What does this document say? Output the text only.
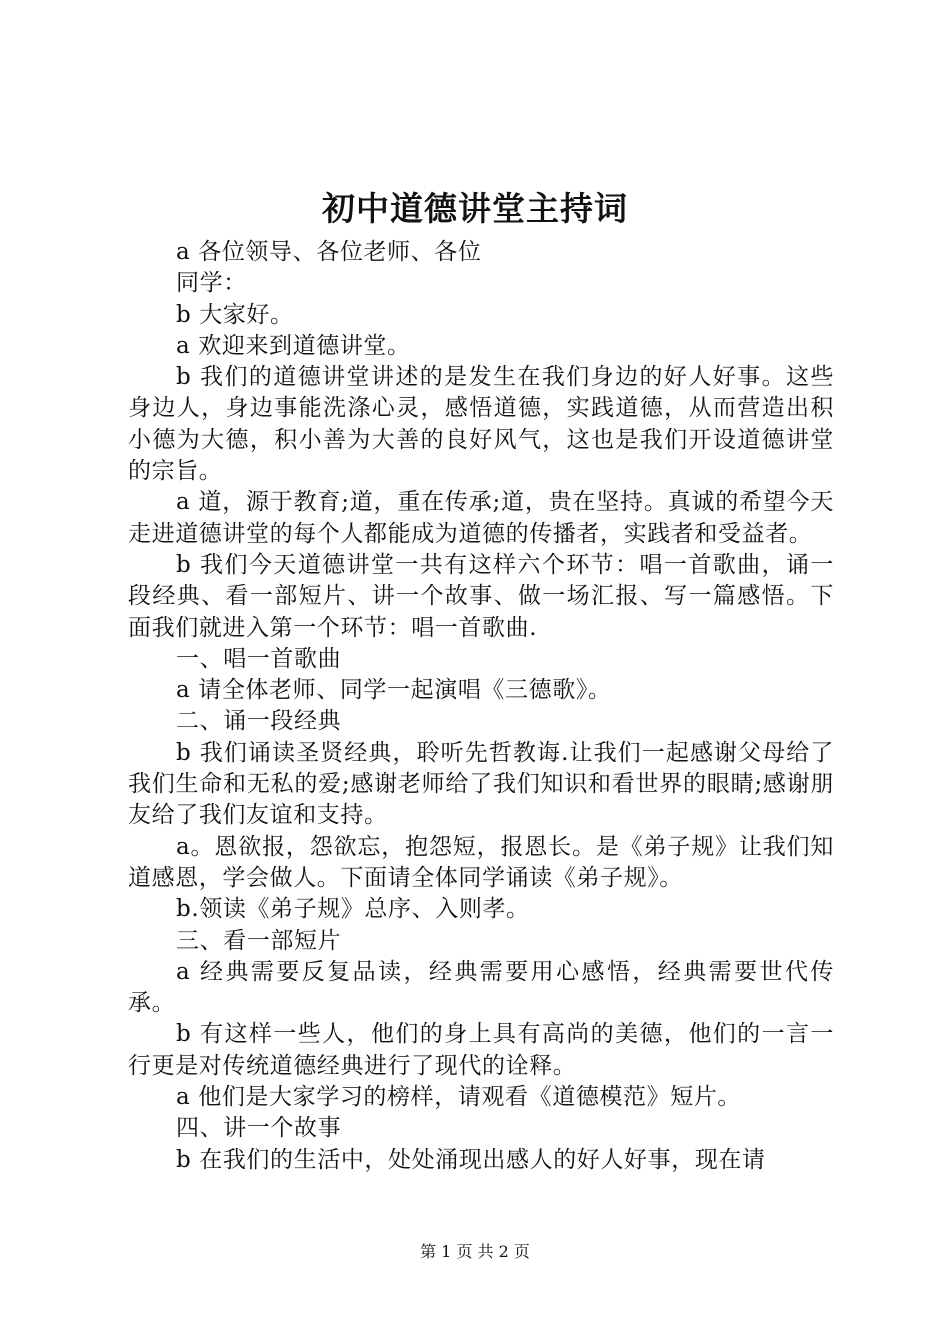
初中道德讲堂主持词

a 各位领导、各位老师、各位

同学：

b 大家好。

a 欢迎来到道德讲堂。

b 我们的道德讲堂讲述的是发生在我们身边的好人好事。这些身边人，身边事能洗涤心灵，感悟道德，实践道德，从而营造出积小德为大德，积小善为大善的良好风气，这也是我们开设道德讲堂的宗旨。

a 道，源于教育;道，重在传承;道，贵在坚持。真诚的希望今天走进道德讲堂的每个人都能成为道德的传播者，实践者和受益者。

b 我们今天道德讲堂一共有这样六个环节：唱一首歌曲，诵一段经典、看一部短片、讲一个故事、做一场汇报、写一篇感悟。下面我们就进入第一个环节：唱一首歌曲.

一、唱一首歌曲

a 请全体老师、同学一起演唱《三德歌》。

二、诵一段经典

b 我们诵读圣贤经典，聆听先哲教诲.让我们一起感谢父母给了我们生命和无私的爱;感谢老师给了我们知识和看世界的眼睛;感谢朋友给了我们友谊和支持。

a。恩欲报，怨欲忘，抱怨短，报恩长。是《弟子规》让我们知道感恩，学会做人。下面请全体同学诵读《弟子规》。

b.领读《弟子规》总序、入则孝。

三、看一部短片

a 经典需要反复品读，经典需要用心感悟，经典需要世代传承。

b 有这样一些人，他们的身上具有高尚的美德，他们的一言一行更是对传统道德经典进行了现代的诠释。

a 他们是大家学习的榜样，请观看《道德模范》短片。

四、讲一个故事

b 在我们的生活中，处处涌现出感人的好人好事，现在请

第 1 页 共 2 页
